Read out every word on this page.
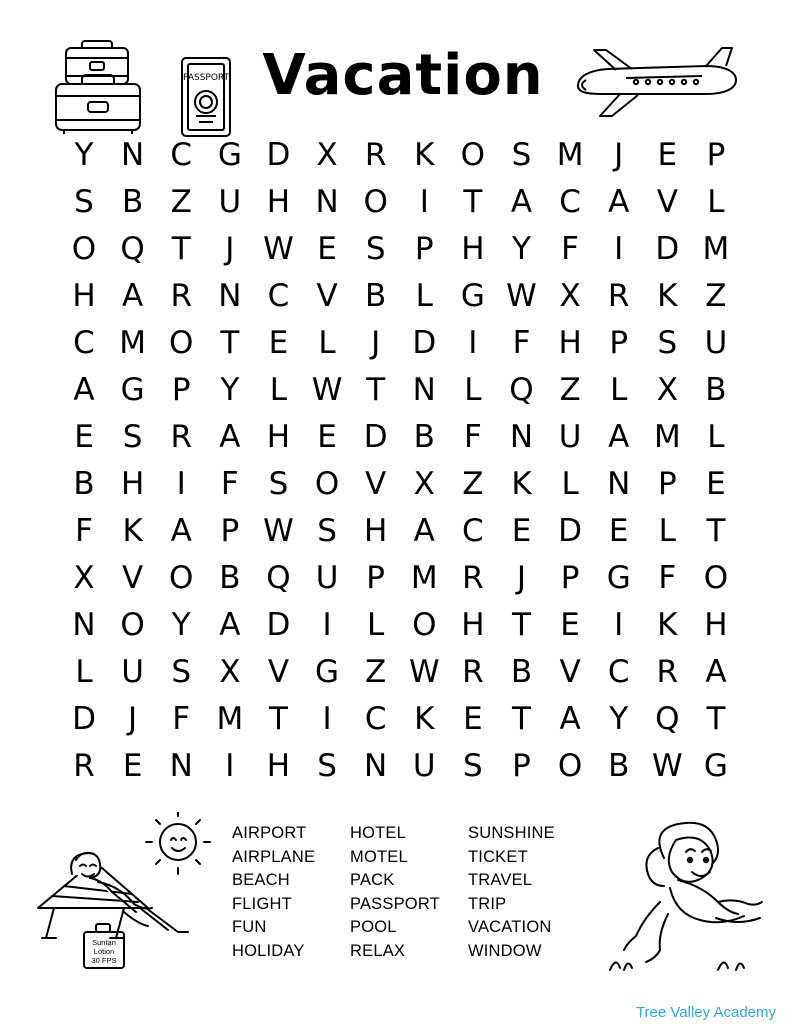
PASSPORT Vacation
Y N C G D X R K O S M J	E P
S B Z U H N O	I	T A C A V L
O Q T	J W E S P H Y F	I	D M
H A R N C V B L G W X R K Z
C M O T E L	J	D	I	F H P S U
A G P Y L W T N L Q Z L X B
E S R A H E D B F N U A M L
B H	I	F S O V X Z K L N P E
F K A P W S H A C E D E L T
X V O B Q U P M R	J	P G F O
N O Y A D	I	L O H T E	I	K H
L U S X V G Z W R B V C R A
D	J	F M T	I	C K E T A Y Q T
R E N	I	H S N U S P O B W G
Suntan
Lotion
30 FPS
AIRPORT
AIRPLANE
BEACH
FLIGHT
FUN
HOLIDAY
HOTEL
MOTEL
PACK
PASSPORT
POOL
RELAX
SUNSHINE
TICKET
TRAVEL
TRIP
VACATION
WINDOW
Tree Valley Academy
